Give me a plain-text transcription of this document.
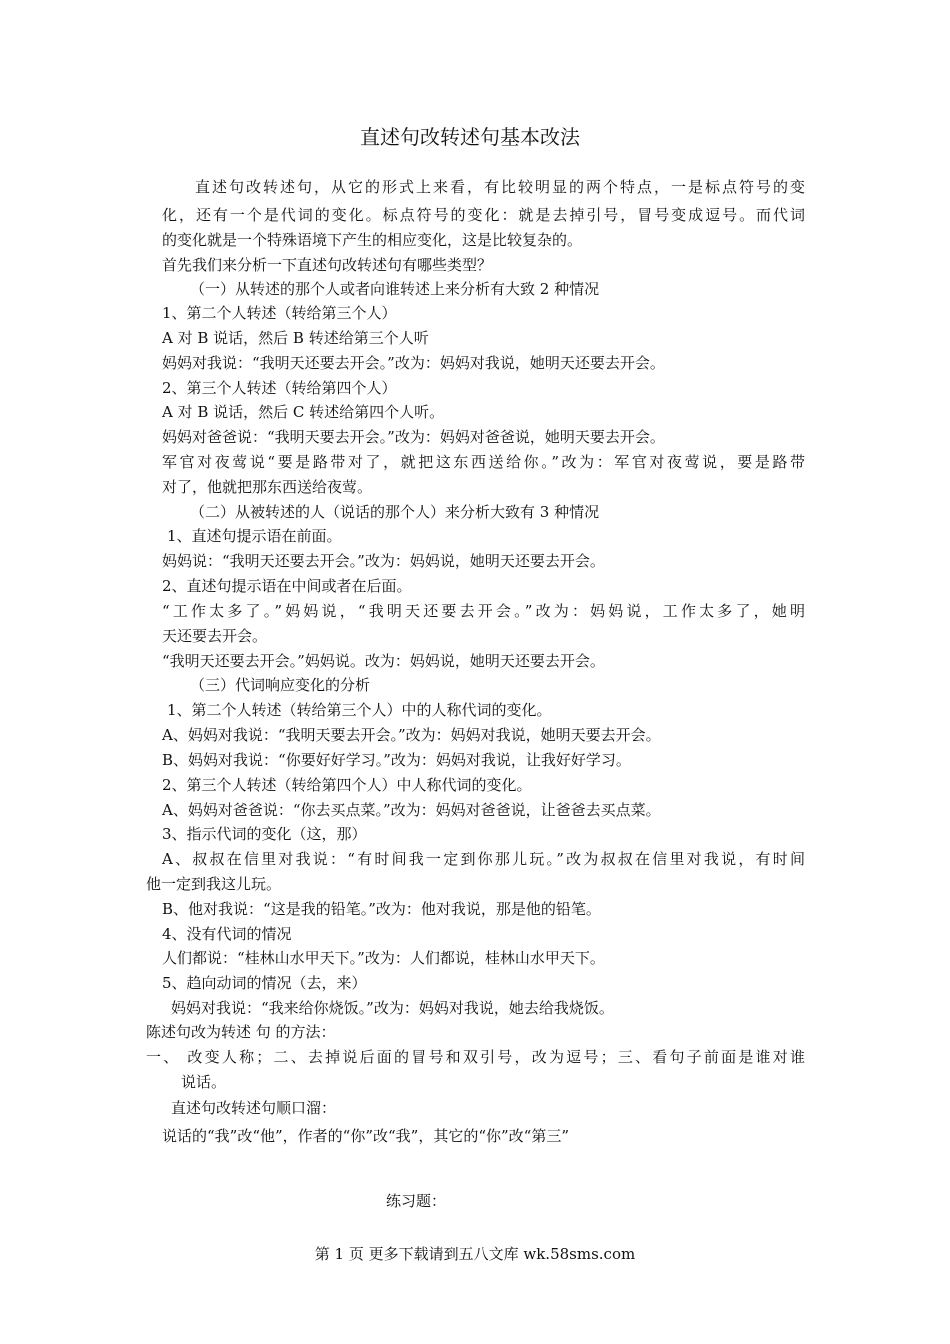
直述句改转述句基本改法
直述句改转述句，从它的形式上来看，有比较明显的两个特点，一是标点符号的变
化，还有一个是代词的变化。标点符号的变化：就是去掉引号，冒号变成逗号。而代词
的变化就是一个特殊语境下产生的相应变化，这是比较复杂的。
首先我们来分析一下直述句改转述句有哪些类型？
（一）从转述的那个人或者向谁转述上来分析有大致 2 种情况
1、第二个人转述（转给第三个人）
A 对 B 说话，然后 B 转述给第三个人听
妈妈对我说：“我明天还要去开会。”改为：妈妈对我说，她明天还要去开会。
2、第三个人转述（转给第四个人）
A 对 B 说话，然后 C 转述给第四个人听。
妈妈对爸爸说：“我明天要去开会。”改为：妈妈对爸爸说，她明天要去开会。
军官对夜莺说“要是路带对了，就把这东西送给你。”改为：军官对夜莺说，要是路带
对了，他就把那东西送给夜莺。
（二）从被转述的人（说话的那个人）来分析大致有 3 种情况
1、直述句提示语在前面。
妈妈说：“我明天还要去开会。”改为：妈妈说，她明天还要去开会。
2、直述句提示语在中间或者在后面。
“工作太多了。”妈妈说，“我明天还要去开会。”改为：妈妈说，工作太多了，她明
天还要去开会。
“我明天还要去开会。”妈妈说。改为：妈妈说，她明天还要去开会。
（三）代词响应变化的分析
1、第二个人转述（转给第三个人）中的人称代词的变化。
A、妈妈对我说：“我明天要去开会。”改为：妈妈对我说，她明天要去开会。
B、妈妈对我说：“你要好好学习。”改为：妈妈对我说，让我好好学习。
2、第三个人转述（转给第四个人）中人称代词的变化。
A、妈妈对爸爸说：“你去买点菜。”改为：妈妈对爸爸说，让爸爸去买点菜。
3、指示代词的变化（这，那）
A、叔叔在信里对我说：“有时间我一定到你那儿玩。”改为叔叔在信里对我说，有时间
他一定到我这儿玩。
B、他对我说：“这是我的铅笔。”改为：他对我说，那是他的铅笔。
4、没有代词的情况
人们都说：“桂林山水甲天下。”改为：人们都说，桂林山水甲天下。
5、趋向动词的情况（去，来）
妈妈对我说：“我来给你烧饭。”改为：妈妈对我说，她去给我烧饭。
陈述句改为转述 句 的方法：
一、 改变人称；二、去掉说后面的冒号和双引号，改为逗号；三、看句子前面是谁对谁
说话。
直述句改转述句顺口溜：
说话的“我”改“他”，作者的“你”改“我”，其它的“你”改“第三”
练习题：
第 1 页 更多下载请到五八文库 wk.58sms.com
